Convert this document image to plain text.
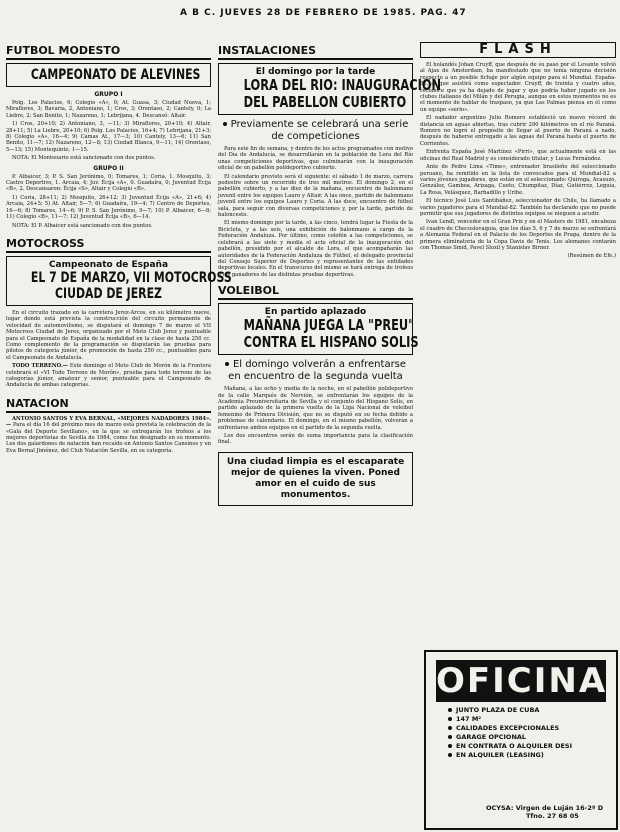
A B C. JUEVES 28 DE FEBRERO DE 1985. PAG. 47
FUTBOL MODESTO
CAMPEONATO DE ALEVINES
GRUPO I

Polg. Los Palacios, 6; Colegio «A», 0; At. Guasa, 3; Ciudad Nueva, 1; Miraflores, 3; Bavaria, 2, Antoniano, 1; Cros, 3; Orentaso, 2; Cantely, 0; La Liebre, 2; San Benito, 1; Nazareno, 1; Lebrijana, 4. Descansó: Altair.

1) Cros, 20+10; 2) Antoniano, 3, —11; 3) Miraflores, 20+10; 4) Altair, 28+11; 5) La Liebre, 20+10; 6) Polg. Los Palacios, 16+4; 7) Lebrijana, 21+3; 8) Colegio «A», 16—4; 9) Camas At., 17—3; 10) Cantely, 13—6; 11) San Benito, 11—7; 12) Nazareno, 12—8; 13) Ciudad Blanca, 9—11; 14) Orentaso, 5—13; 15) Montequinto, 1—15.

NOTA: El Monteoario está sancionado con dos puntos.

GRUPO II

P. Albaicer, 3; P. S. San Jerónimo, 0; Tomares, 1; Coria, 1. Mosquito, 3; Castro Deportivo, 1. Arcaia, 4; Juv. Écija «A», 0. Guadaíra, 0; Juventud Écija «B», 2. Descansaron: Écija «S», Altair y Colegio «B».

1) Coria, 28+11; 2) Mosquito, 26+12; 3) Juventud Écija «A», 21+6; 4) Arcaia, 24+5; 5) At. Altair, 5—7; 6) Guadaíra, 19—4; 7) Centro de Deportes, 16—6; 8) Tomares, 14—6; 9) P. S. San Jerónimo, 9—7; 10) P. Albaicer, 6—8; 11) Colegio «B», 11—7; 12) Juventud Écija «B», 6—14.

NOTA: El P. Albaicer está sancionado con dos puntos.

MOTOCROSS
Campeonato de España
EL 7 DE MARZO, VII MOTOCROSS
CIUDAD DE JEREZ

En el circuito trazado en la carretera Jerez-Arcos, en su kilómetro nueve, lugar donde está prevista la construcción del circuito permanente de velocidad de automovilismo, se disputará el domingo 7 de marzo el VII Motocross Ciudad de Jerez, organizado por el Moto Club Jerez y puntuable para el Campeonato de España de la modalidad en la clase de hasta 250 cc. Como complemento de la programación se disputarán las pruebas para pilotos de categoría júnior, de promoción de hasta 250 cc., puntuables para el Campeonato de Andalucía.

TODO TERRENO.— Este domingo el Moto Club de Morón de la Frontera celebrará el «VI Todo Terreno de Morón», prueba para todo terreno de las categorías júnior, amateur y senior, puntuable para el Campeonato de Andalucía de ambas categorías.

NATACION

ANTONIO SANTOS Y EVA BERNAL, «MEJORES NADADORES 1984».— Para el día 16 del próximo mes de marzo está prevista la celebración de la «Gala del Deporte Sevillano», en la que se entregarán los trofeos a los mejores deportistas de Sevilla de 1984, como fue designado en su momento. Los dos galardones de natación han recaído en Antonio Santos Cansinos y en Eva Bernal Jiménez, del Club Natación Sevilla, en su categoría.

INSTALACIONES
El domingo por la tarde
LORA DEL RIO: INAUGURACION
DEL PABELLON CUBIERTO
Previamente se celebrará una serie de competiciones

Para este fin de semana, y dentro de los actos programados con motivo del Día de Andalucía, se desarrollarán en la población de Lora del Río unas competiciones deportivas, que culminarán con la inauguración oficial de un pabellón polideportivo cubierto.

El calendario previsto será el siguiente: el sábado 1 de marzo, carrera pedestre sobre un recorrido de tres mil metros. El domingo 2, en el pabellón cubierto, y a las diez de la mañana, encuentro de balonmano juvenil entre los equipos Lauro y Altair. A las once, partido de balonmano juvenil entre los equipos Lauro y Coria. A las doce, encuentro de fútbol sala, para seguir con diversas competiciones y, por la tarde, partido de baloncesto.

El mismo domingo por la tarde, a las cinco, tendrá lugar la Fiesta de la Bicicleta, y a las seis, una exhibición de balonmano a cargo de la Federación Andaluza. Por último, como colofón a las competiciones, se celebrará a las siete y media el acto oficial de la inauguración del pabellón, presidido por el alcalde de Lora, el que acompañarán las autoridades de la Federación Andaluza de Fútbol, el delegado provincial del Consejo Superior de Deportes y representantes de las entidades deportivas locales. En el transcurso del mismo se hará entrega de trofeos a los ganadores de las distintas pruebas deportivas.

VOLEIBOL
En partido aplazado
MAÑANA JUEGA LA "PREU"
CONTRA EL HISPANO SOLIS
El domingo volverán a enfrentarse en encuentro de la segunda vuelta

Mañana, a las ocho y media de la noche, en el pabellón polideportivo de la calle Marqués de Nervión, se enfrentarán los equipos de la Academia Preuniversitaria de Sevilla y el conjunto del Hispano Solís, en partido aplazado de la primera vuelta de la Liga Nacional de voleibol femenino de Primera División, que no se disputó en su fecha debido a problemas de calendario. El domingo, en el mismo pabellón, volverán a enfrentarse ambos equipos en el partido de la segunda vuelta.

Los dos encuentros serán de suma importancia para la clasificación final.

Una ciudad limpia es el escaparate mejor de quienes la viven. Poned amor en el cuido de sus monumentos.
FLASH

El holandés Johan Cruyff, que después de su paso por el Levante volvió al Ajax de Amsterdam, ha manifestado que no tenía ninguna decisión respecto a un posible fichaje por algún equipo para el Mundial. España-82, al que asistirá como espectador. Cruyff, de treinta y cuatro años, reconoce que ya ha dejado de jugar y que podría haber jugado en los clubes italianos del Milán y del Perugia, aunque en estos momentos no es el momento de hablar de traspaso, ya que Las Palmas piensa en él como un equipo «serio».

El nadador argentino Julio Romero estableció un nuevo récord de distancia en aguas abiertas, tras cubrir 290 kilómetros en el río Paraná. Romero no logró el propósito de llegar al puerto de Paraná a nado, después de haberse entregado a las aguas del Paraná hasta el puerto de Corrientes.

Enfrenta España José Martínez «Pirri», que actualmente está en las oficinas del Real Madrid y es considerado titular, y Lucas Fernández.

Ante de Pedro Lima «Time», entrenador brasileño del seleccionado peruano, ha remitido en la lista de convocados para el Mundial-82 a varios jóvenes jugadores, que están en el seleccionado: Quiroga, Acasuzo, González, Gamboa, Arizaga, Cueto, Chumpitaz, Díaz, Gutiérrez, Leguía, La Rosa, Velásquez, Barbadillo y Uribe.

El técnico José Luis Santibáñez, seleccionador de Chile, ha llamado a varios jugadores para el Mundial-82. También ha declarado que no puede permitir que sus jugadores de distintos equipos se nieguen a acudir.

Ivan Lendl, vencedor en el Gran Prix y en el Masters de 1981, encabeza el cuadro de Checoslovaquia, que los días 5, 6 y 7 de marzo se enfrentará a Alemania Federal en el Palacio de los Deportes de Praga, dentro de la primera eliminatoria de la Copa Davis de Tenis. Los alemanes contarán con Thomas Smid, Pavel Slozil y Stanislav Birner.

(Resúmen de Efe.)
OFICINA
JUNTO PLAZA DE CUBA
147 M²
CALIDADES EXCEPCIONALES
GARAGE OPCIONAL
EN CONTRATA O ALQUILER DESI
EN ALQUILER (LEASING)
OCYSA: Virgen de Luján 16-2º D
Tfno. 27 68 05
